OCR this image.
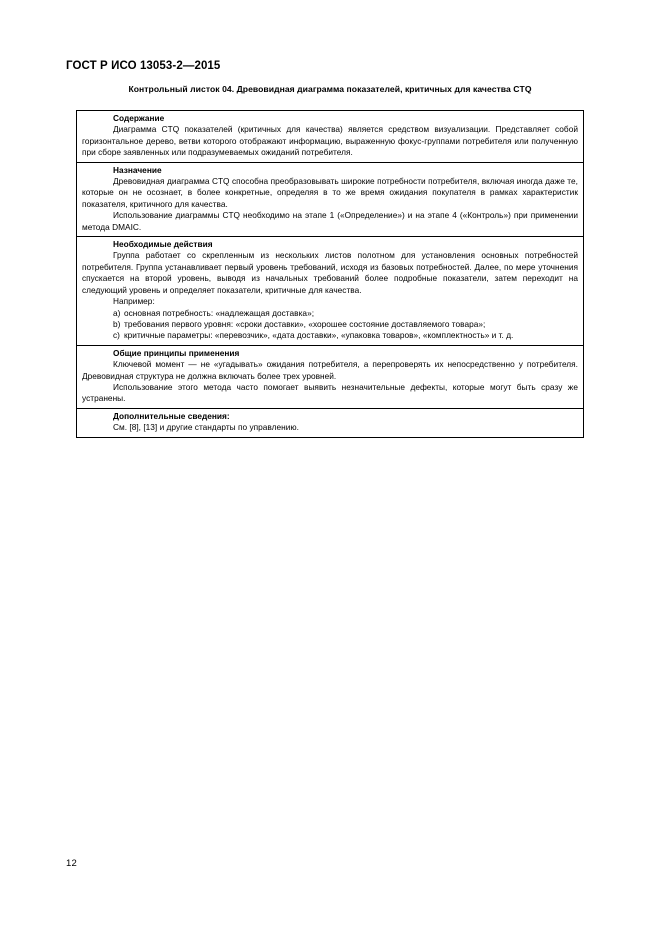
ГОСТ Р ИСО 13053-2—2015
Контрольный листок 04. Древовидная диаграмма показателей, критичных для качества CTQ

Содержание

Диаграмма CTQ показателей (критичных для качества) является средством визуализации. Представляет собой горизонтальное дерево, ветви которого отображают информацию, выраженную фокус-группами потребителя или полученную при сборе заявленных или подразумеваемых ожиданий потребителя.

Назначение

Древовидная диаграмма CTQ способна преобразовывать широкие потребности потребителя, включая иногда даже те, которые он не осознает, в более конкретные, определяя в то же время ожидания покупателя в рамках характеристик показателя, критичного для качества.

Использование диаграммы CTQ необходимо на этапе 1 («Определение») и на этапе 4 («Контроль») при применении метода DMAIC.

Необходимые действия

Группа работает со скрепленным из нескольких листов полотном для установления основных потребностей потребителя. Группа устанавливает первый уровень требований, исходя из базовых потребностей. Далее, по мере уточнения спускается на второй уровень, выводя из начальных требований более подробные показатели, затем переходит на следующий уровень и определяет показатели, критичные для качества.

Например:

a) основная потребность: «надлежащая доставка»;
b) требования первого уровня: «сроки доставки», «хорошее состояние доставляемого товара»;
c) критичные параметры: «перевозчик», «дата доставки», «упаковка товаров», «комплектность» и т. д.

Общие принципы применения

Ключевой момент — не «угадывать» ожидания потребителя, а перепроверять их непосредственно у потребителя. Древовидная структура не должна включать более трех уровней.

Использование этого метода часто помогает выявить незначительные дефекты, которые могут быть сразу же устранены.

Дополнительные сведения:

См. [8], [13] и другие стандарты по управлению.

12
